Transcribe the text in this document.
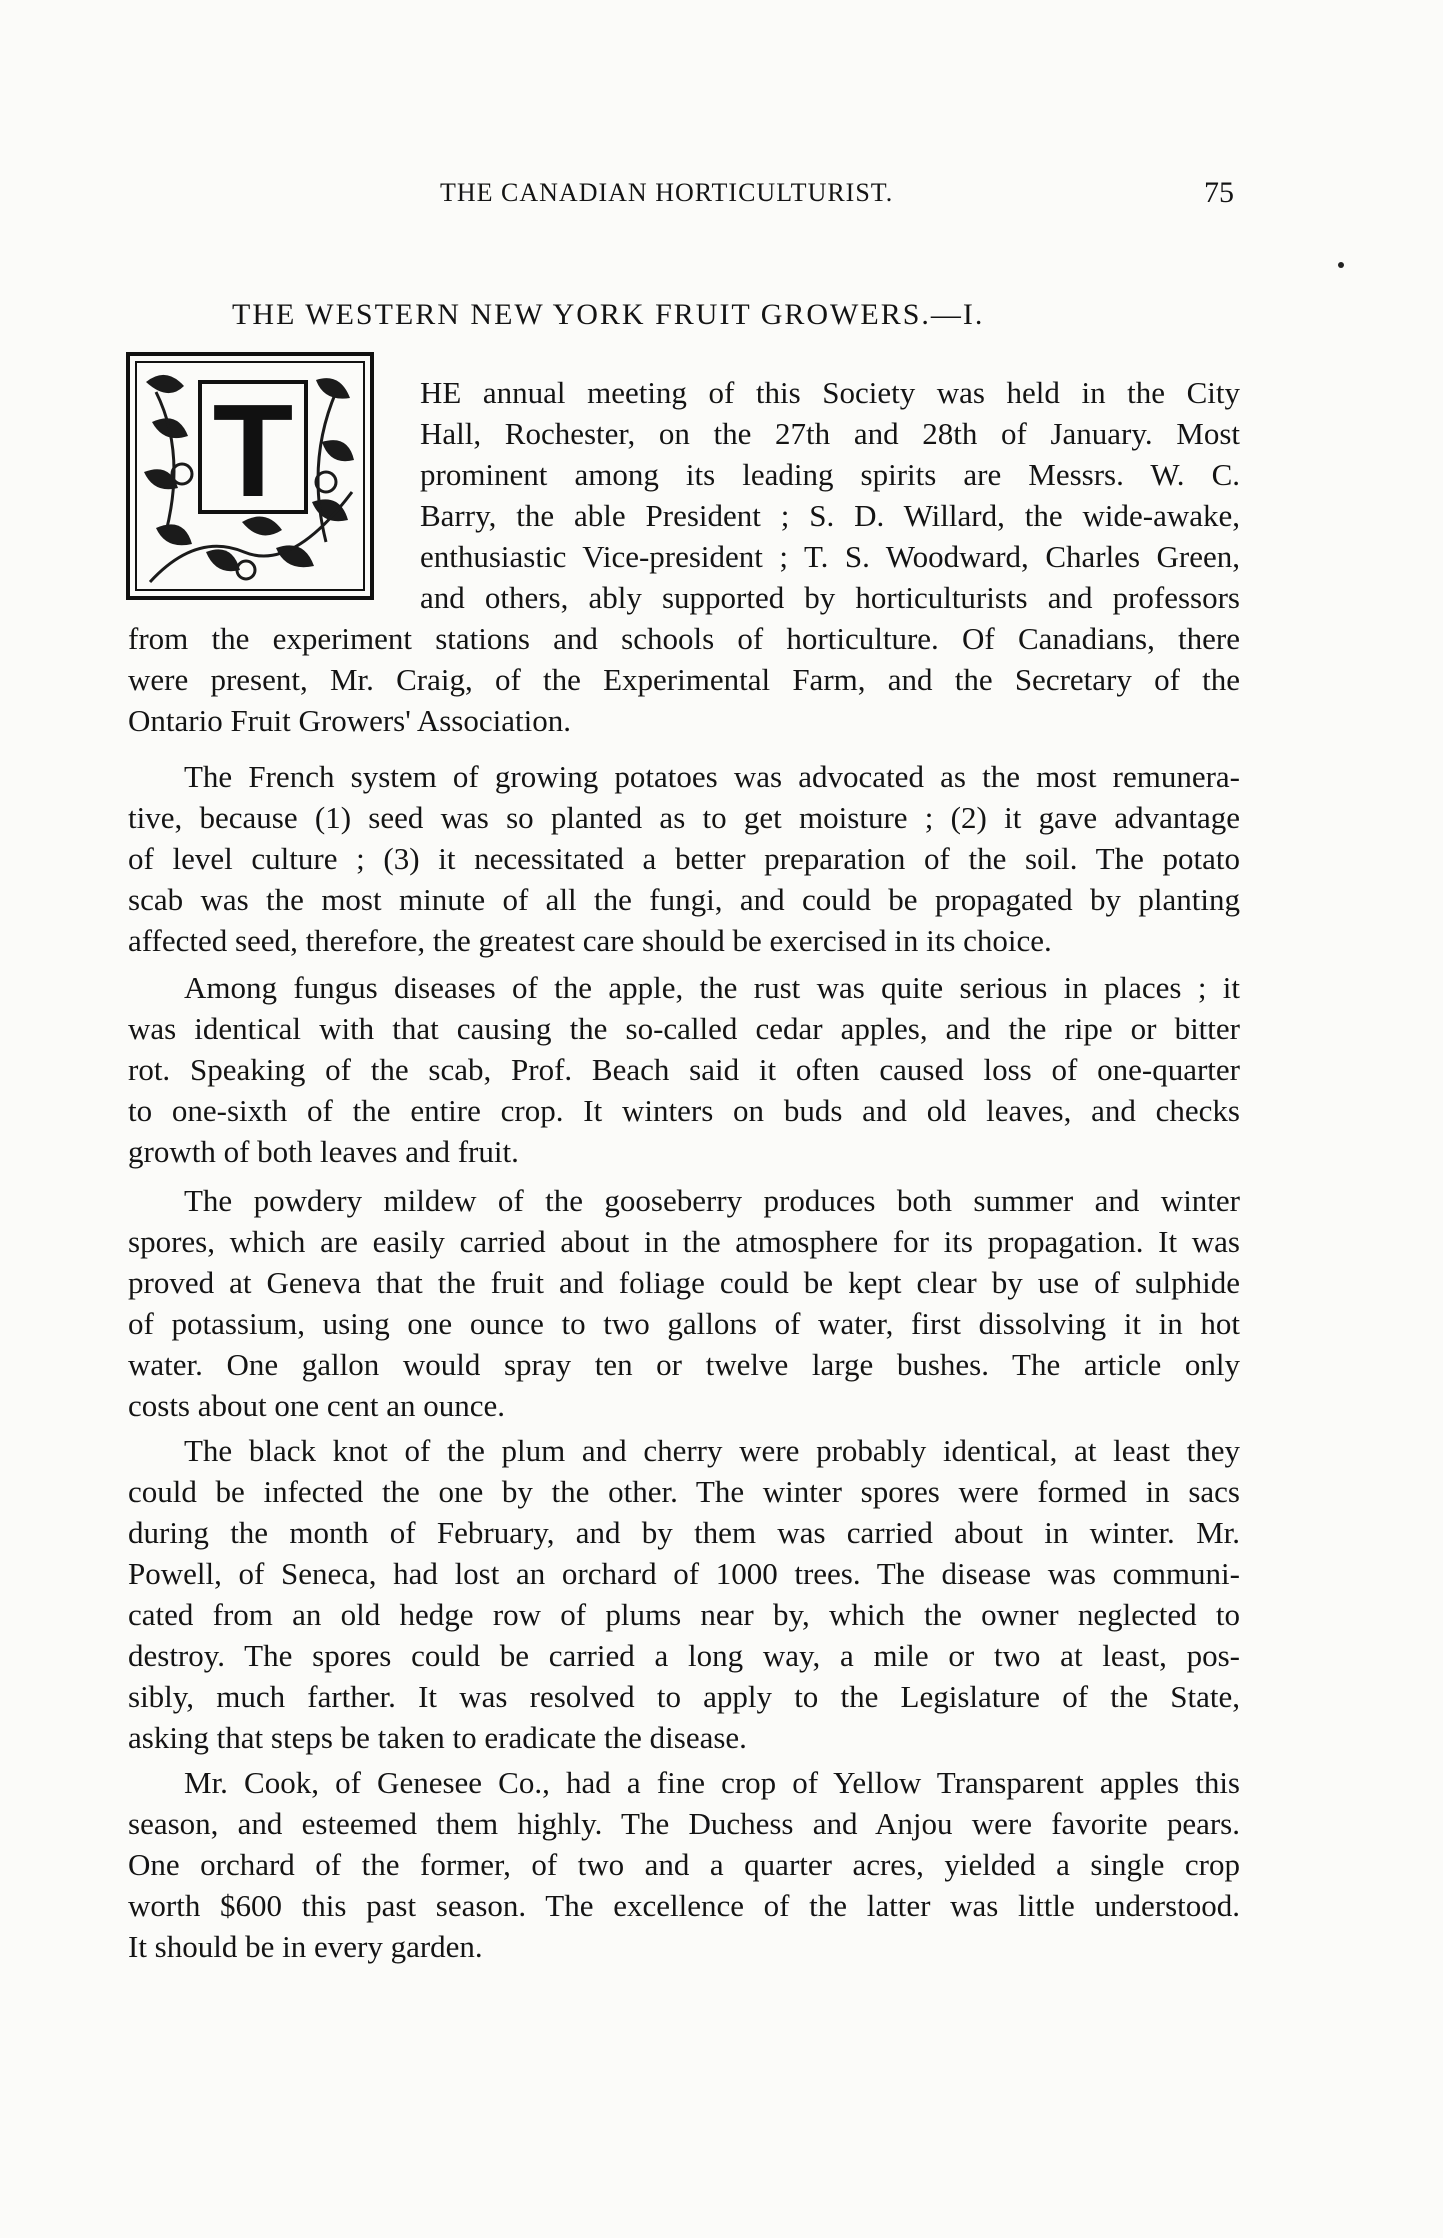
THE CANADIAN HORTICULTURIST.	75
THE WESTERN NEW YORK FRUIT GROWERS.—I.
T	HE annual meeting of this Society was held in the City
Hall, Rochester, on the 27th and 28th of January. Most
prominent among its leading spirits are Messrs. W. C.
Barry, the able President ; S. D. Willard, the wide-awake,
enthusiastic Vice-president ; T. S. Woodward, Charles Green,
and others, ably supported by horticulturists and professors
from the experiment stations and schools of horticulture. Of Canadians, there
were present, Mr. Craig, of the Experimental Farm, and the Secretary of the
Ontario Fruit Growers' Association.
The French system of growing potatoes was advocated as the most remunera-
tive, because (1) seed was so planted as to get moisture ; (2) it gave advantage
of level culture ; (3) it necessitated a better preparation of the soil. The potato
scab was the most minute of all the fungi, and could be propagated by planting
affected seed, therefore, the greatest care should be exercised in its choice.
Among fungus diseases of the apple, the rust was quite serious in places ; it
was identical with that causing the so-called cedar apples, and the ripe or bitter
rot. Speaking of the scab, Prof. Beach said it often caused loss of one-quarter
to one-sixth of the entire crop. It winters on buds and old leaves, and checks
growth of both leaves and fruit.
The powdery mildew of the gooseberry produces both summer and winter
spores, which are easily carried about in the atmosphere for its propagation. It was
proved at Geneva that the fruit and foliage could be kept clear by use of sulphide
of potassium, using one ounce to two gallons of water, first dissolving it in hot
water. One gallon would spray ten or twelve large bushes. The article only
costs about one cent an ounce.
The black knot of the plum and cherry were probably identical, at least they
could be infected the one by the other. The winter spores were formed in sacs
during the month of February, and by them was carried about in winter. Mr.
Powell, of Seneca, had lost an orchard of 1000 trees. The disease was communi-
cated from an old hedge row of plums near by, which the owner neglected to
destroy. The spores could be carried a long way, a mile or two at least, pos-
sibly, much farther. It was resolved to apply to the Legislature of the State,
asking that steps be taken to eradicate the disease.
Mr. Cook, of Genesee Co., had a fine crop of Yellow Transparent apples this
season, and esteemed them highly. The Duchess and Anjou were favorite pears.
One orchard of the former, of two and a quarter acres, yielded a single crop
worth $600 this past season. The excellence of the latter was little understood.
It should be in every garden.
